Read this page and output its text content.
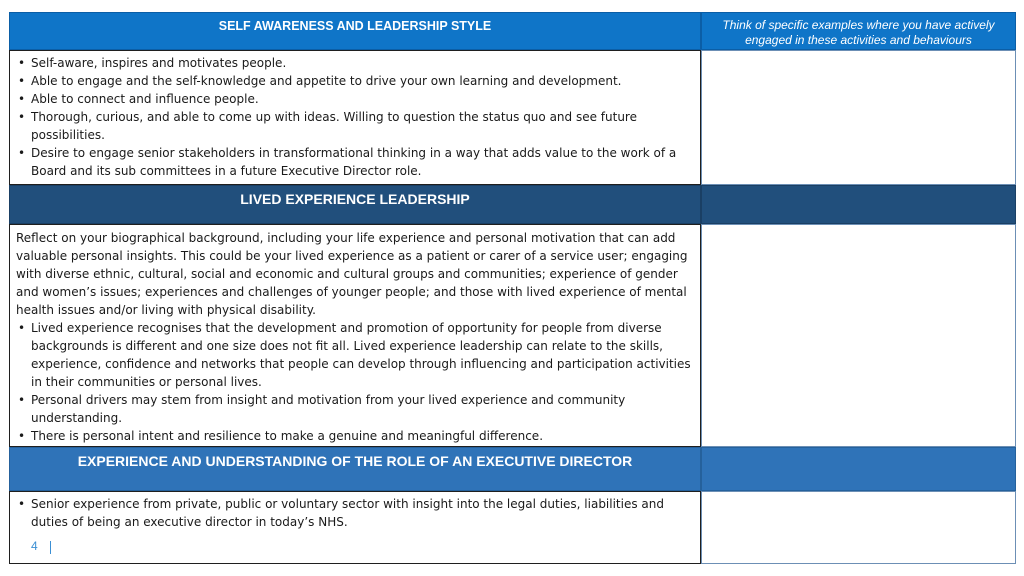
SELF AWARENESS AND LEADERSHIP STYLE	Think of specific examples where you have actively engaged in these activities and behaviours
• Self-aware, inspires and motivates people.
• Able to engage and the self-knowledge and appetite to drive your own learning and development.
• Able to connect and influence people.
• Thorough, curious, and able to come up with ideas. Willing to question the status quo and see future possibilities.
• Desire to engage senior stakeholders in transformational thinking in a way that adds value to the work of a Board and its sub committees in a future Executive Director role.
LIVED EXPERIENCE LEADERSHIP

Reflect on your biographical background, including your life experience and personal motivation that can add valuable personal insights. This could be your lived experience as a patient or carer of a service user; engaging with diverse ethnic, cultural, social and economic and cultural groups and communities; experience of gender and women’s issues; experiences and challenges of younger people; and those with lived experience of mental health issues and/or living with physical disability.

• Lived experience recognises that the development and promotion of opportunity for people from diverse backgrounds is different and one size does not fit all. Lived experience leadership can relate to the skills, experience, confidence and networks that people can develop through influencing and participation activities in their communities or personal lives.
• Personal drivers may stem from insight and motivation from your lived experience and community understanding.
• There is personal intent and resilience to make a genuine and meaningful difference.
EXPERIENCE AND UNDERSTANDING OF THE ROLE OF AN EXECUTIVE DIRECTOR
• Senior experience from private, public or voluntary sector with insight into the legal duties, liabilities and duties of being an executive director in today’s NHS.
4
